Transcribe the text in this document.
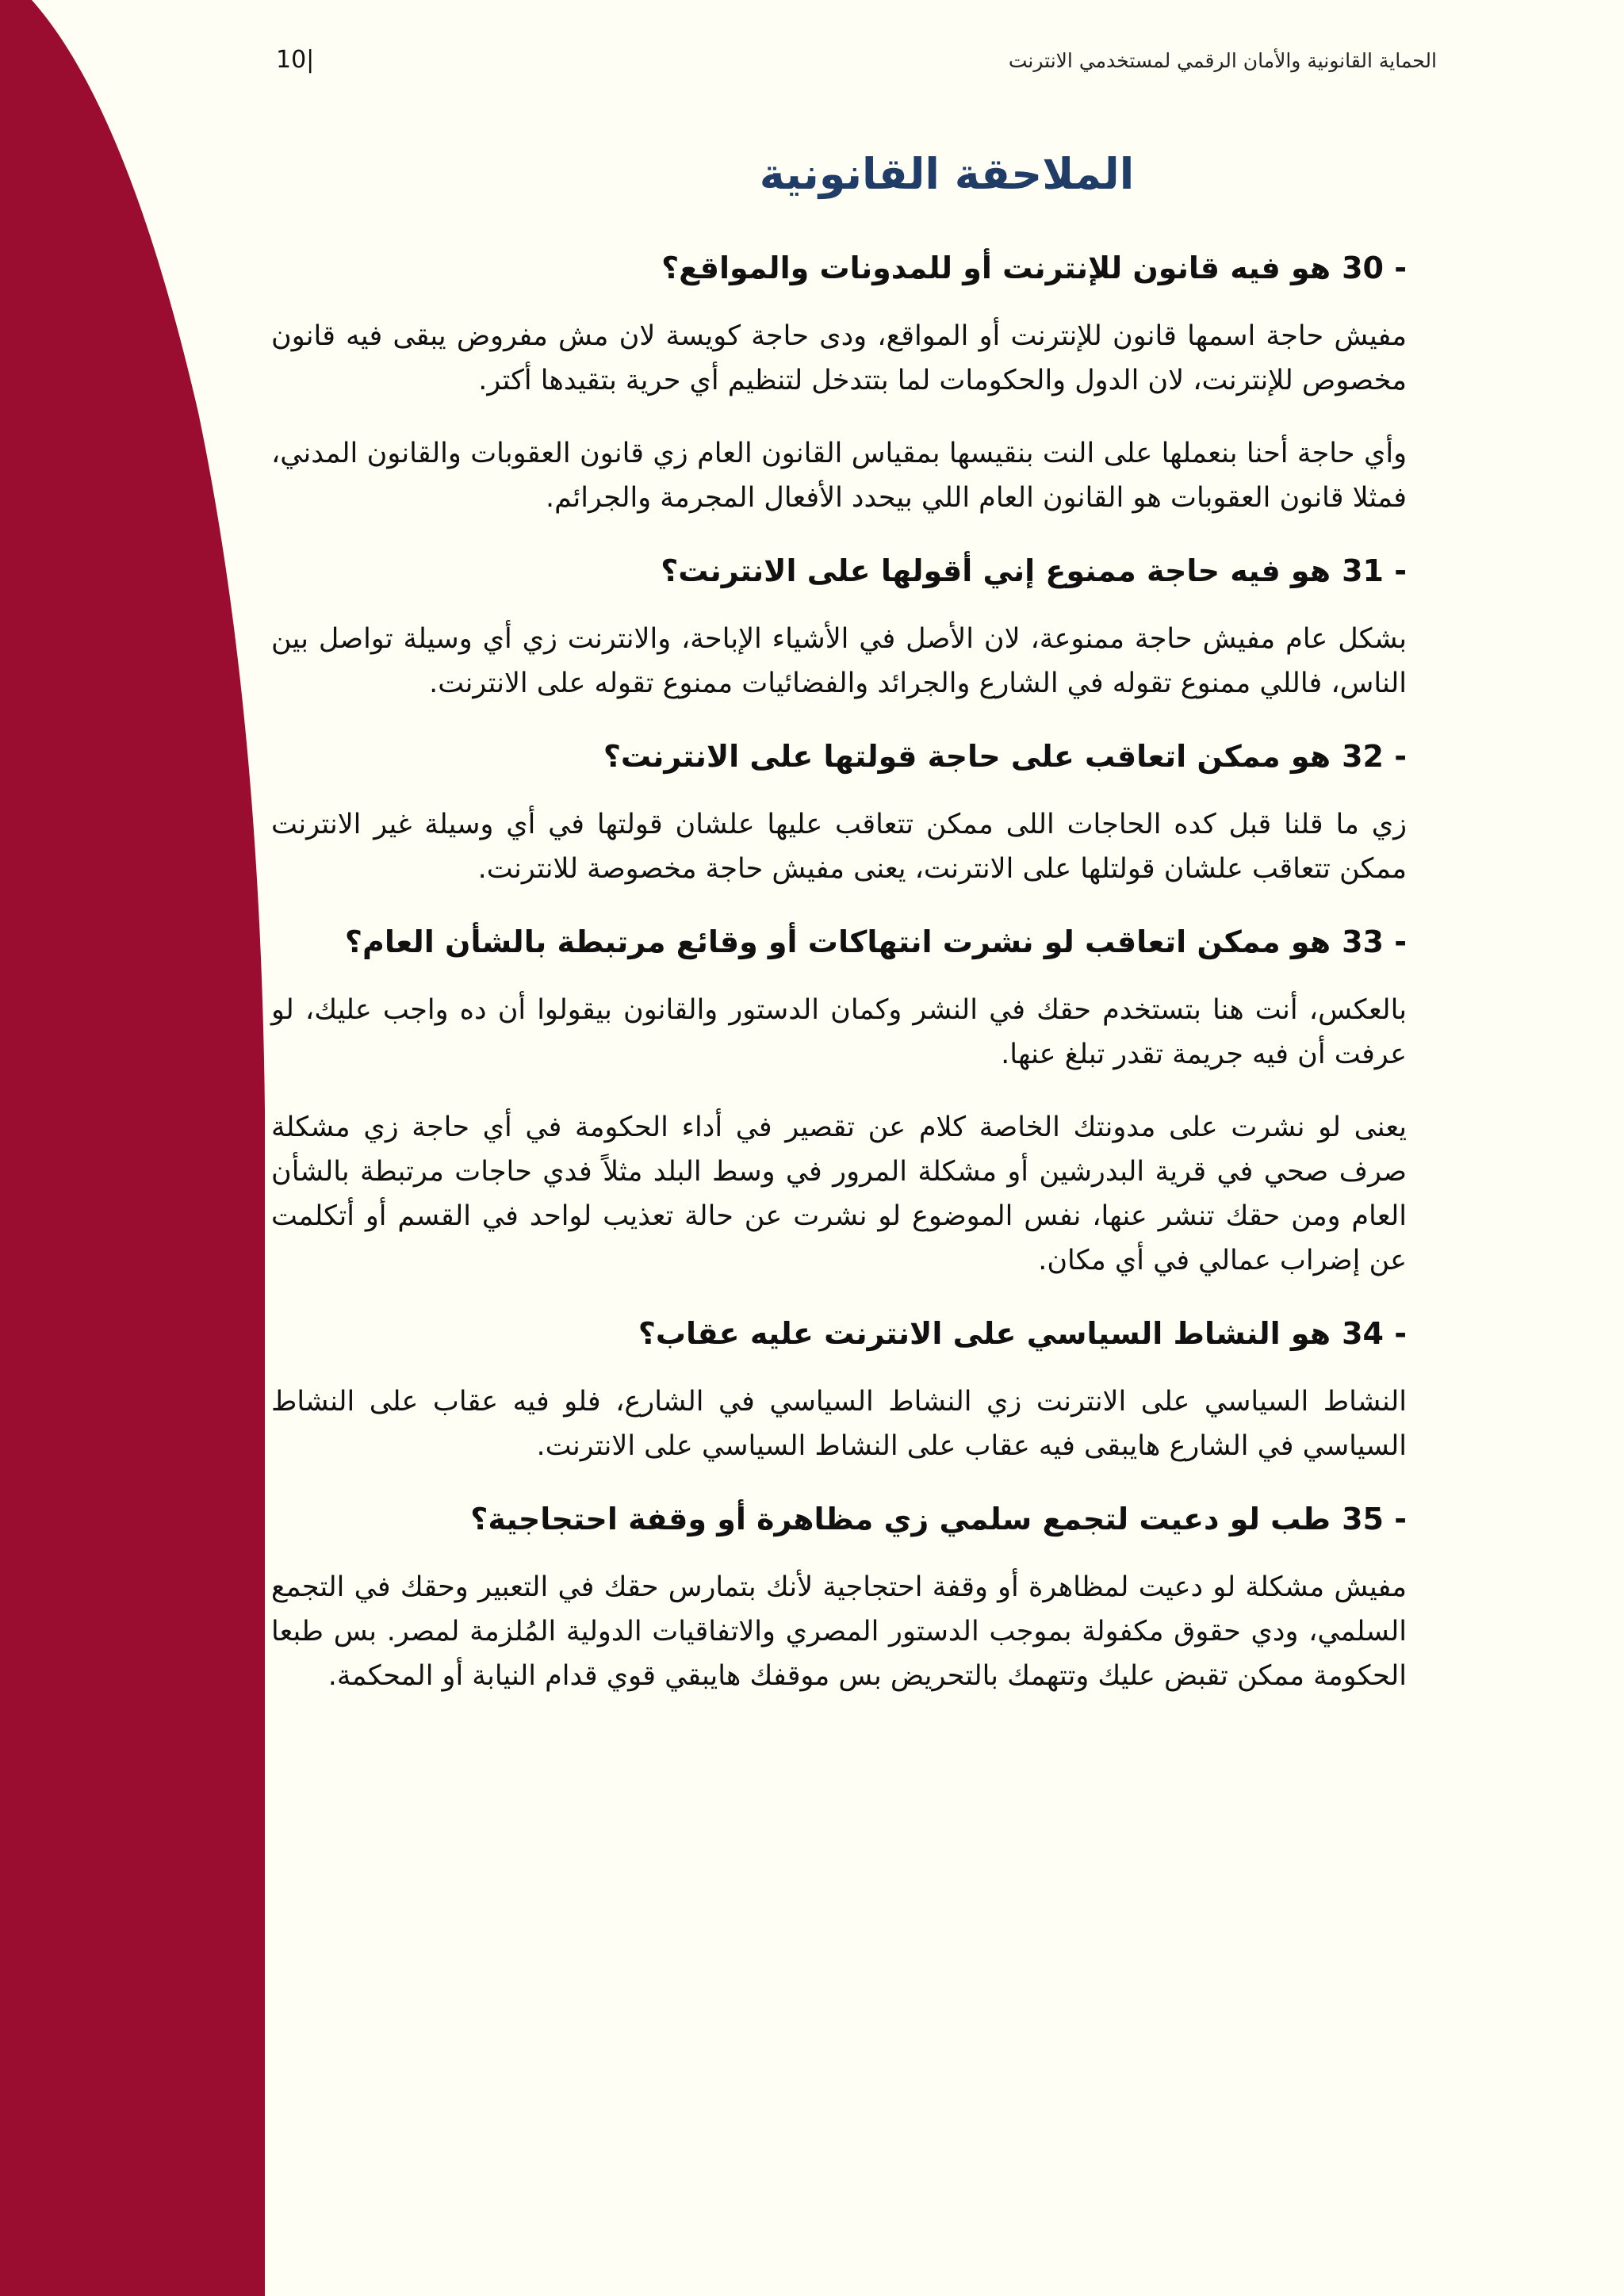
10|	الحماية القانونية والأمان الرقمي لمستخدمي الانترنت
الملاحقة القانونية
30 -
هو فيه قانون للإنترنت أو للمدونات والمواقع؟

مفيش حاجة اسمها قانون للإنترنت أو المواقع، ودى حاجة كويسة لان مش مفروض يبقى فيه قانون مخصوص للإنترنت، لان الدول والحكومات لما بتتدخل لتنظيم أي حرية بتقيدها أكتر.

وأي حاجة أحنا بنعملها على النت بنقيسها بمقياس القانون العام زي قانون العقوبات والقانون المدني، فمثلا قانون العقوبات هو القانون العام اللي بيحدد الأفعال المجرمة والجرائم.

31 -
هو فيه حاجة ممنوع إني أقولها على الانترنت؟

بشكل عام مفيش حاجة ممنوعة، لان الأصل في الأشياء الإباحة، والانترنت زي أي وسيلة تواصل بين الناس، فاللي ممنوع تقوله في الشارع والجرائد والفضائيات ممنوع تقوله على الانترنت.

32 -
هو ممكن اتعاقب على حاجة قولتها على الانترنت؟

زي ما قلنا قبل كده الحاجات اللى ممكن تتعاقب عليها علشان قولتها في أي وسيلة غير الانترنت ممكن تتعاقب علشان قولتلها على الانترنت، يعنى مفيش حاجة مخصوصة للانترنت.

33 -
هو ممكن اتعاقب لو نشرت انتهاكات أو وقائع مرتبطة بالشأن العام؟

بالعكس، أنت هنا بتستخدم حقك في النشر وكمان الدستور والقانون بيقولوا أن ده واجب عليك، لو عرفت أن فيه جريمة تقدر تبلغ عنها.

يعنى لو نشرت على مدونتك الخاصة كلام عن تقصير في أداء الحكومة في أي حاجة زي مشكلة صرف صحي في قرية البدرشين أو مشكلة المرور في وسط البلد مثلاً فدي حاجات مرتبطة بالشأن العام ومن حقك تنشر عنها، نفس الموضوع لو نشرت عن حالة تعذيب لواحد في القسم أو أتكلمت عن إضراب عمالي في أي مكان.

34 -
هو النشاط السياسي على الانترنت عليه عقاب؟

النشاط السياسي على الانترنت زي النشاط السياسي في الشارع، فلو فيه عقاب على النشاط السياسي في الشارع هايبقى فيه عقاب على النشاط السياسي على الانترنت.

35 -
طب لو دعيت لتجمع سلمي زي مظاهرة أو وقفة احتجاجية؟

مفيش مشكلة لو دعيت لمظاهرة أو وقفة احتجاجية لأنك بتمارس حقك في التعبير وحقك في التجمع السلمي، ودي حقوق مكفولة بموجب الدستور المصري والاتفاقيات الدولية المُلزمة لمصر. بس طبعا الحكومة ممكن تقبض عليك وتتهمك بالتحريض بس موقفك هايبقي قوي قدام النيابة أو المحكمة.
